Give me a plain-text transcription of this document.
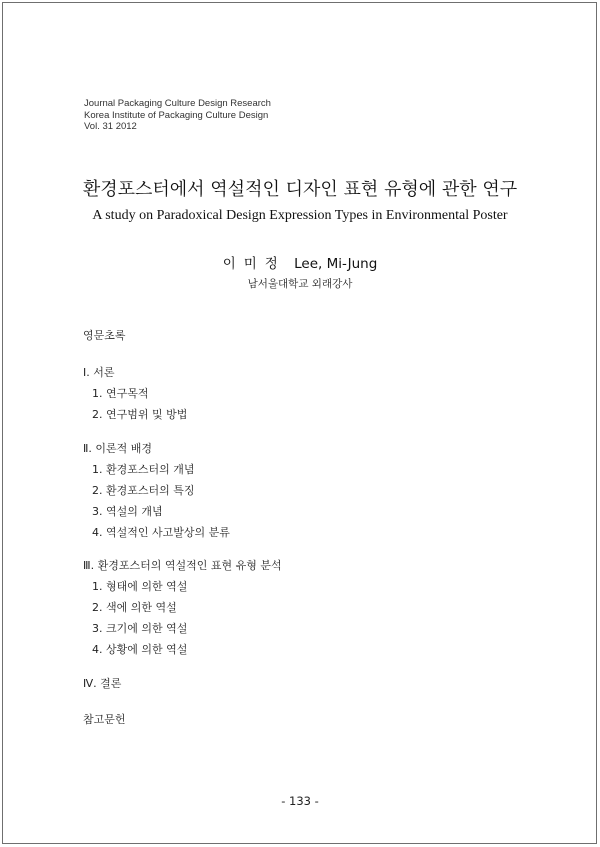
Journal Packaging Culture Design Research
Korea Institute of Packaging Culture Design
Vol. 31 2012
환경포스터에서 역설적인 디자인 표현 유형에 관한 연구
A study on Paradoxical Design Expression Types in Environmental Poster
이미정 Lee, Mi-Jung
남서울대학교 외래강사
영문초록
Ⅰ. 서론
1. 연구목적
2. 연구범위 및 방법
Ⅱ. 이론적 배경
1. 환경포스터의 개념
2. 환경포스터의 특징
3. 역설의 개념
4. 역설적인 사고발상의 분류
Ⅲ. 환경포스터의 역설적인 표현 유형 분석
1. 형태에 의한 역설
2. 색에 의한 역설
3. 크기에 의한 역설
4. 상황에 의한 역설
Ⅳ. 결론
참고문헌
- 133 -
